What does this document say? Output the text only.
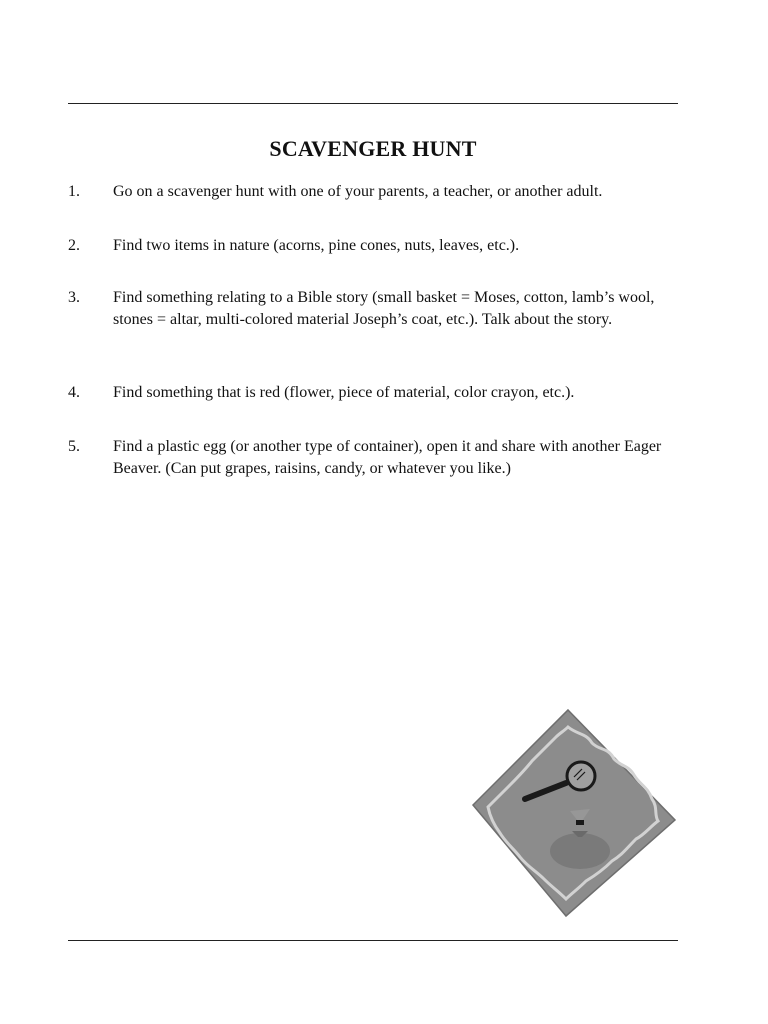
SCAVENGER HUNT
1. Go on a scavenger hunt with one of your parents, a teacher, or another adult.
2. Find two items in nature (acorns, pine cones, nuts, leaves, etc.).
3. Find something relating to a Bible story (small basket = Moses, cotton, lamb’s wool, stones = altar, multi-colored material Joseph’s coat, etc.). Talk about the story.
4. Find something that is red (flower, piece of material, color crayon, etc.).
5. Find a plastic egg (or another type of container), open it and share with another Eager Beaver. (Can put grapes, raisins, candy, or whatever you like.)
